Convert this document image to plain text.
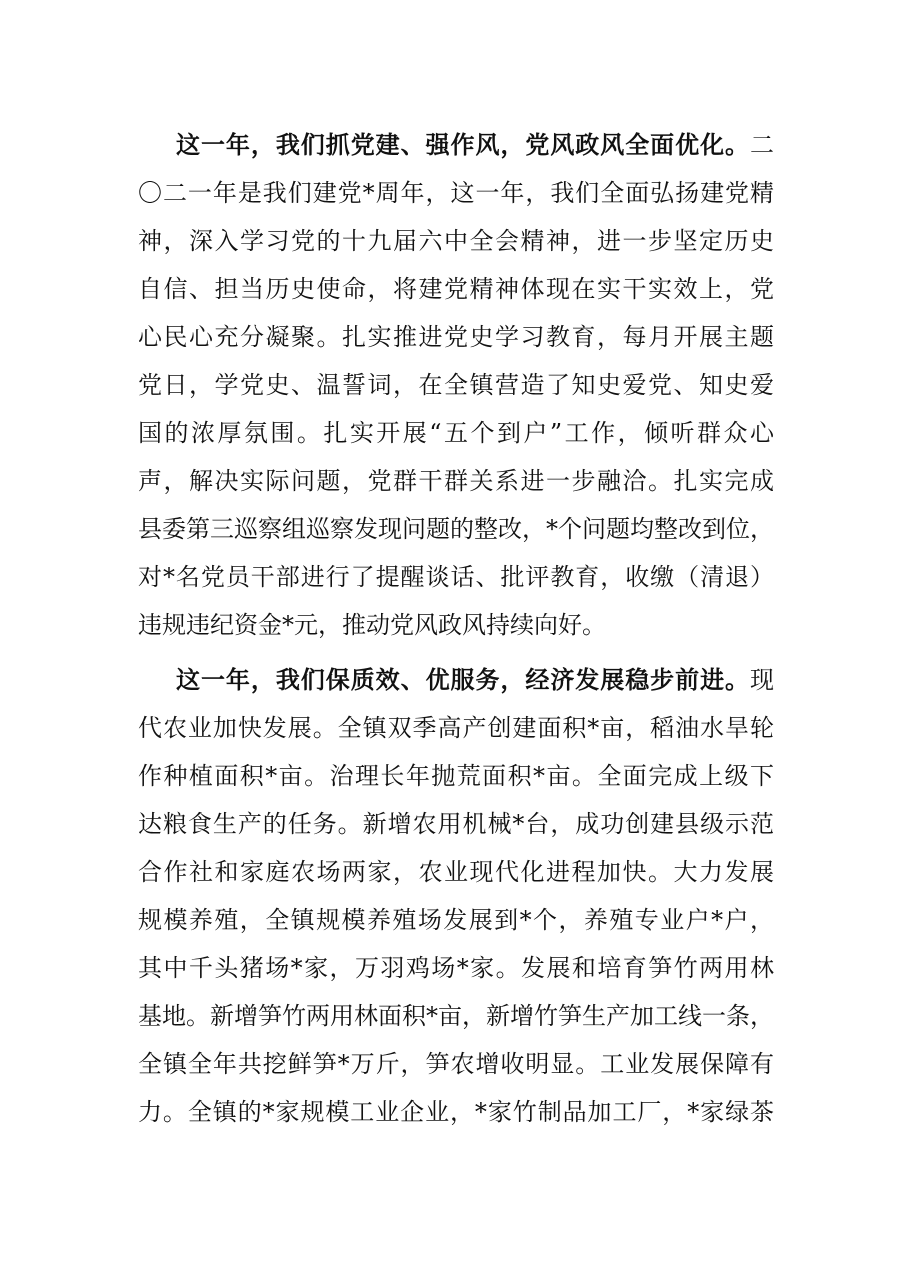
这一年，我们抓党建、强作风，党风政风全面优化。二
〇二一年是我们建党*周年，这一年，我们全面弘扬建党精
神，深入学习党的十九届六中全会精神，进一步坚定历史
自信、担当历史使命，将建党精神体现在实干实效上，党
心民心充分凝聚。扎实推进党史学习教育，每月开展主题
党日，学党史、温誓词，在全镇营造了知史爱党、知史爱
国的浓厚氛围。扎实开展“五个到户”工作，倾听群众心
声，解决实际问题，党群干群关系进一步融洽。扎实完成
县委第三巡察组巡察发现问题的整改，*个问题均整改到位，
对*名党员干部进行了提醒谈话、批评教育，收缴（清退）
违规违纪资金*元，推动党风政风持续向好。
这一年，我们保质效、优服务，经济发展稳步前进。现
代农业加快发展。全镇双季高产创建面积*亩，稻油水旱轮
作种植面积*亩。治理长年抛荒面积*亩。全面完成上级下
达粮食生产的任务。新增农用机械*台，成功创建县级示范
合作社和家庭农场两家，农业现代化进程加快。大力发展
规模养殖，全镇规模养殖场发展到*个，养殖专业户*户，
其中千头猪场*家，万羽鸡场*家。发展和培育笋竹两用林
基地。新增笋竹两用林面积*亩，新增竹笋生产加工线一条，
全镇全年共挖鲜笋*万斤，笋农增收明显。工业发展保障有
力。全镇的*家规模工业企业，*家竹制品加工厂，*家绿茶
